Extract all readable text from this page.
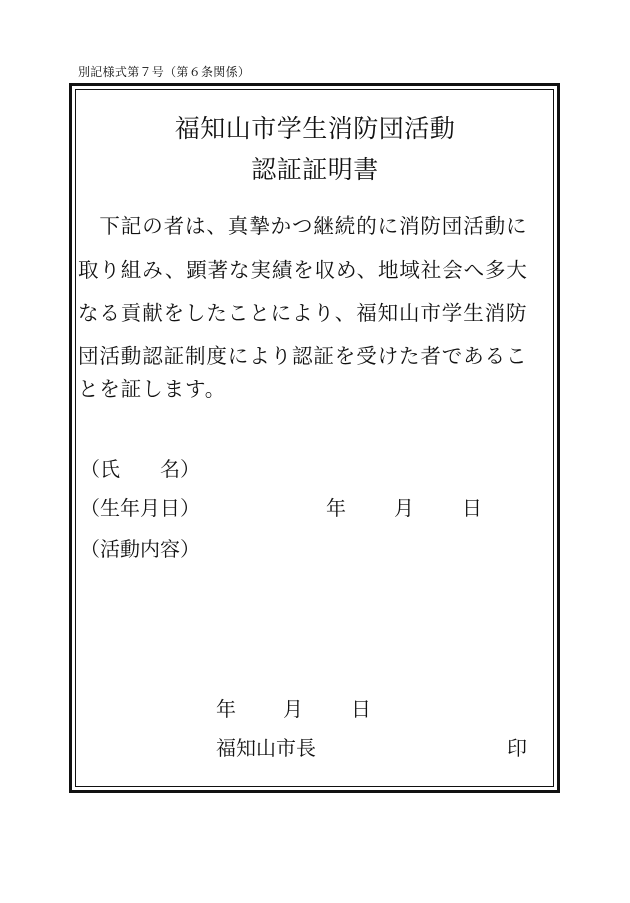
別記様式第７号（第６条関係）
福知山市学生消防団活動
認証証明書
　下記の者は、真摯かつ継続的に消防団活動に
取り組み、顕著な実績を収め、地域社会へ多大
なる貢献をしたことにより、福知山市学生消防
団活動認証制度により認証を受けた者であるこ
とを証します。
（氏　　名）
（生年月日）	年 月 日
（活動内容）
年 月 日
福知山市長	印
